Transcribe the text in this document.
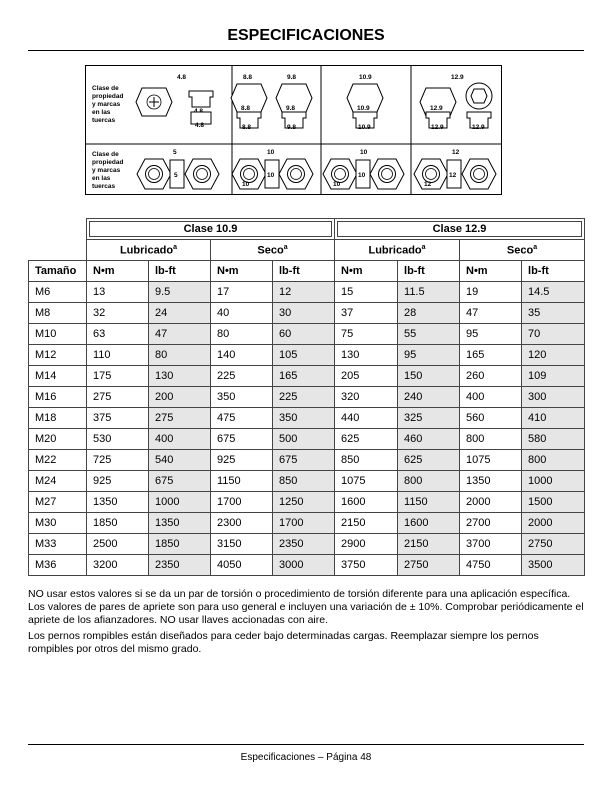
ESPECIFICACIONES
Clase de
propiedad
y marcas
en las
tuercas
Clase de
propiedad
y marcas
en las
tuercas
4.8
4.8
8.8	9.8
8.8	9.8
8.8	9.8
10.9
10.9
10.9
12.9
12.9
12.9	12.9
5
5
10
10
10
10
10
10
12
12
12
	Clase 10.9				Clase 12.9			
	Lubricado$^a$		Seco$^a$		Lubricado$^a$		Seco$^a$
Tamaño	N•m	lb-ft	N•m	lb-ft	N•m	lb-ft	N•m	lb-ft
M6	13	9.5	17	12	15	11.5	19	14.5
M8	32	24	40	30	37	28	47	35
M10	63	47	80	60	75	55	95	70
M12	110	80	140	105	130	95	165	120
M14	175	130	225	165	205	150	260	109
M16	275	200	350	225	320	240	400	300
M18	375	275	475	350	440	325	560	410
M20	530	400	675	500	625	460	800	580
M22	725	540	925	675	850	625	1075	800
M24	925	675	1150	850	1075	800	1350	1000
M27	1350	1000	1700	1250	1600	1150	2000	1500
M30	1850	1350	2300	1700	2150	1600	2700	2000
M33	2500	1850	3150	2350	2900	2150	3700	2750
M36	3200	2350	4050	3000	3750	2750	4750	3500
NO usar estos valores si se da un par de torsión o procedimiento de torsión diferente para una aplicación específica. Los valores de pares de apriete son para uso general e incluyen una variación de ± 10%. Comprobar periódicamente el apriete de los afianzadores. NO usar llaves accionadas con aire.
Los pernos rompibles están diseñados para ceder bajo determinadas cargas. Reemplazar siempre los pernos rompibles por otros del mismo grado.
Especificaciones – Página 48
